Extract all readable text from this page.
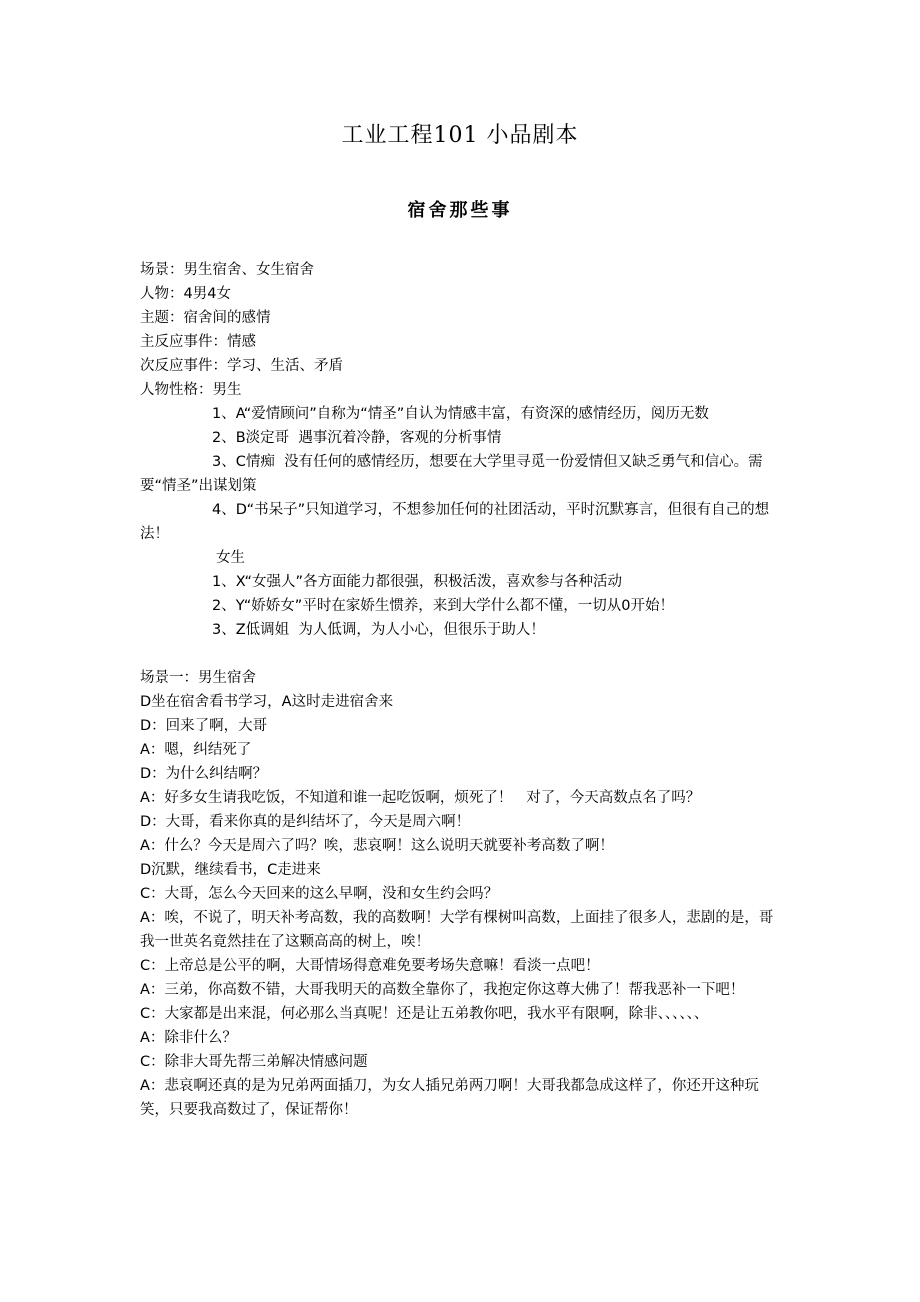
工业工程101 小品剧本
宿舍那些事

场景：男生宿舍、女生宿舍

人物：4男4女

主题：宿舍间的感情

主反应事件：情感

次反应事件：学习、生活、矛盾

人物性格：男生

1、A“爱情顾问”自称为“情圣”自认为情感丰富，有资深的感情经历，阅历无数

2、B淡定哥  遇事沉着冷静，客观的分析事情

3、C情痴  没有任何的感情经历，想要在大学里寻觅一份爱情但又缺乏勇气和信心。需要“情圣”出谋划策

4、D“书呆子”只知道学习，不想参加任何的社团活动，平时沉默寡言，但很有自己的想法！

女生

1、X“女强人”各方面能力都很强，积极活泼，喜欢参与各种活动

2、Y“娇娇女”平时在家娇生惯养，来到大学什么都不懂，一切从0开始！

3、Z低调姐  为人低调，为人小心，但很乐于助人！

场景一：男生宿舍

D坐在宿舍看书学习，A这时走进宿舍来

D：回来了啊，大哥

A：嗯，纠结死了

D：为什么纠结啊？

A：好多女生请我吃饭，不知道和谁一起吃饭啊，烦死了！   对了，今天高数点名了吗？

D：大哥，看来你真的是纠结坏了，今天是周六啊！

A：什么？今天是周六了吗？唉，悲哀啊！这么说明天就要补考高数了啊！

D沉默，继续看书，C走进来

C：大哥，怎么今天回来的这么早啊，没和女生约会吗？

A：唉，不说了，明天补考高数，我的高数啊！大学有棵树叫高数，上面挂了很多人，悲剧的是，哥我一世英名竟然挂在了这颗高高的树上，唉！

C：上帝总是公平的啊，大哥情场得意难免要考场失意嘛！看淡一点吧！

A：三弟，你高数不错，大哥我明天的高数全靠你了，我抱定你这尊大佛了！帮我恶补一下吧！

C：大家都是出来混，何必那么当真呢！还是让五弟教你吧，我水平有限啊，除非、、、、、、

A：除非什么？

C：除非大哥先帮三弟解决情感问题

A：悲哀啊还真的是为兄弟两面插刀，为女人插兄弟两刀啊！大哥我都急成这样了，你还开这种玩笑，只要我高数过了，保证帮你！
